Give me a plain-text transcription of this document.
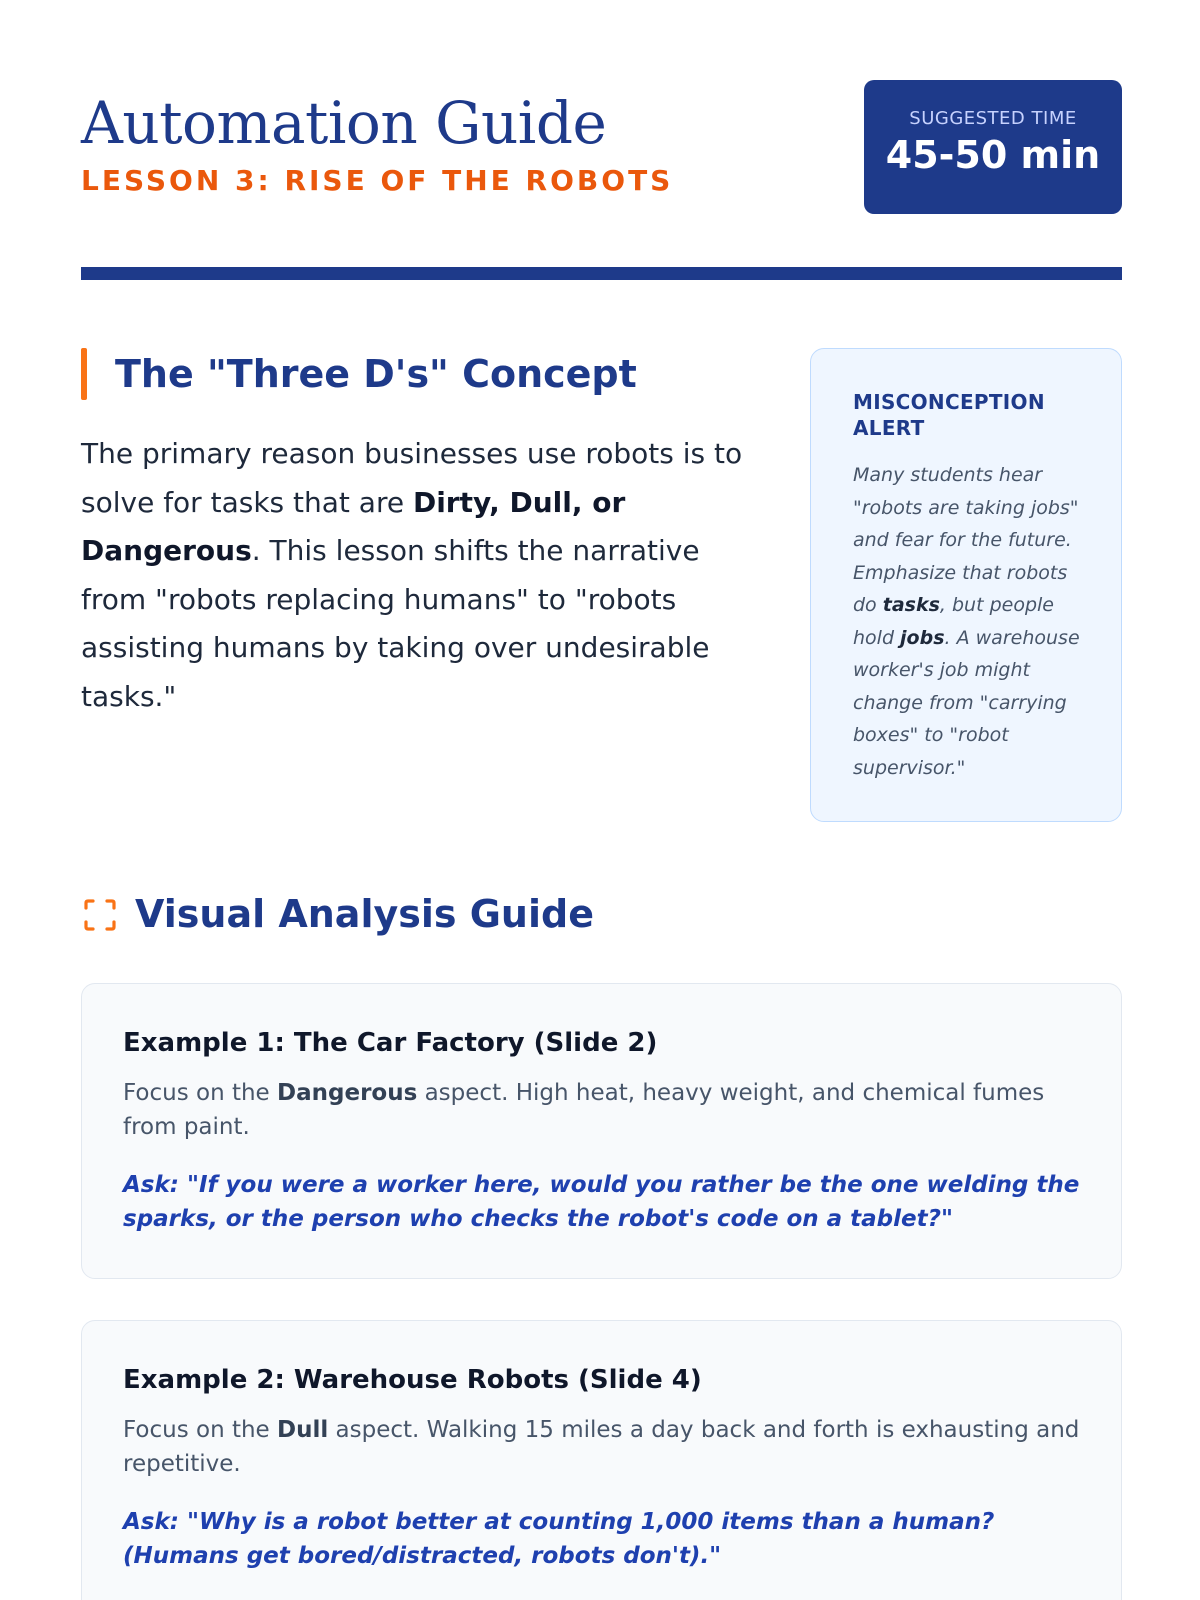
Automation Guide
LESSON 3: RISE OF THE ROBOTS
SUGGESTED TIME
45-50 min
The "Three D's" Concept

The primary reason businesses use robots is to solve for tasks that are Dirty, Dull, or Dangerous. This lesson shifts the narrative from "robots replacing humans" to "robots assisting humans by taking over undesirable tasks."

MISCONCEPTION ALERT

Many students hear "robots are taking jobs" and fear for the future. Emphasize that robots do tasks, but people hold jobs. A warehouse worker's job might change from "carrying boxes" to "robot supervisor."

Visual Analysis Guide
Example 1: The Car Factory (Slide 2)

Focus on the Dangerous aspect. High heat, heavy weight, and chemical fumes from paint.

Ask: "If you were a worker here, would you rather be the one welding the sparks, or the person who checks the robot's code on a tablet?"

Example 2: Warehouse Robots (Slide 4)

Focus on the Dull aspect. Walking 15 miles a day back and forth is exhausting and repetitive.

Ask: "Why is a robot better at counting 1,000 items than a human? (Humans get bored/distracted, robots don't)."
